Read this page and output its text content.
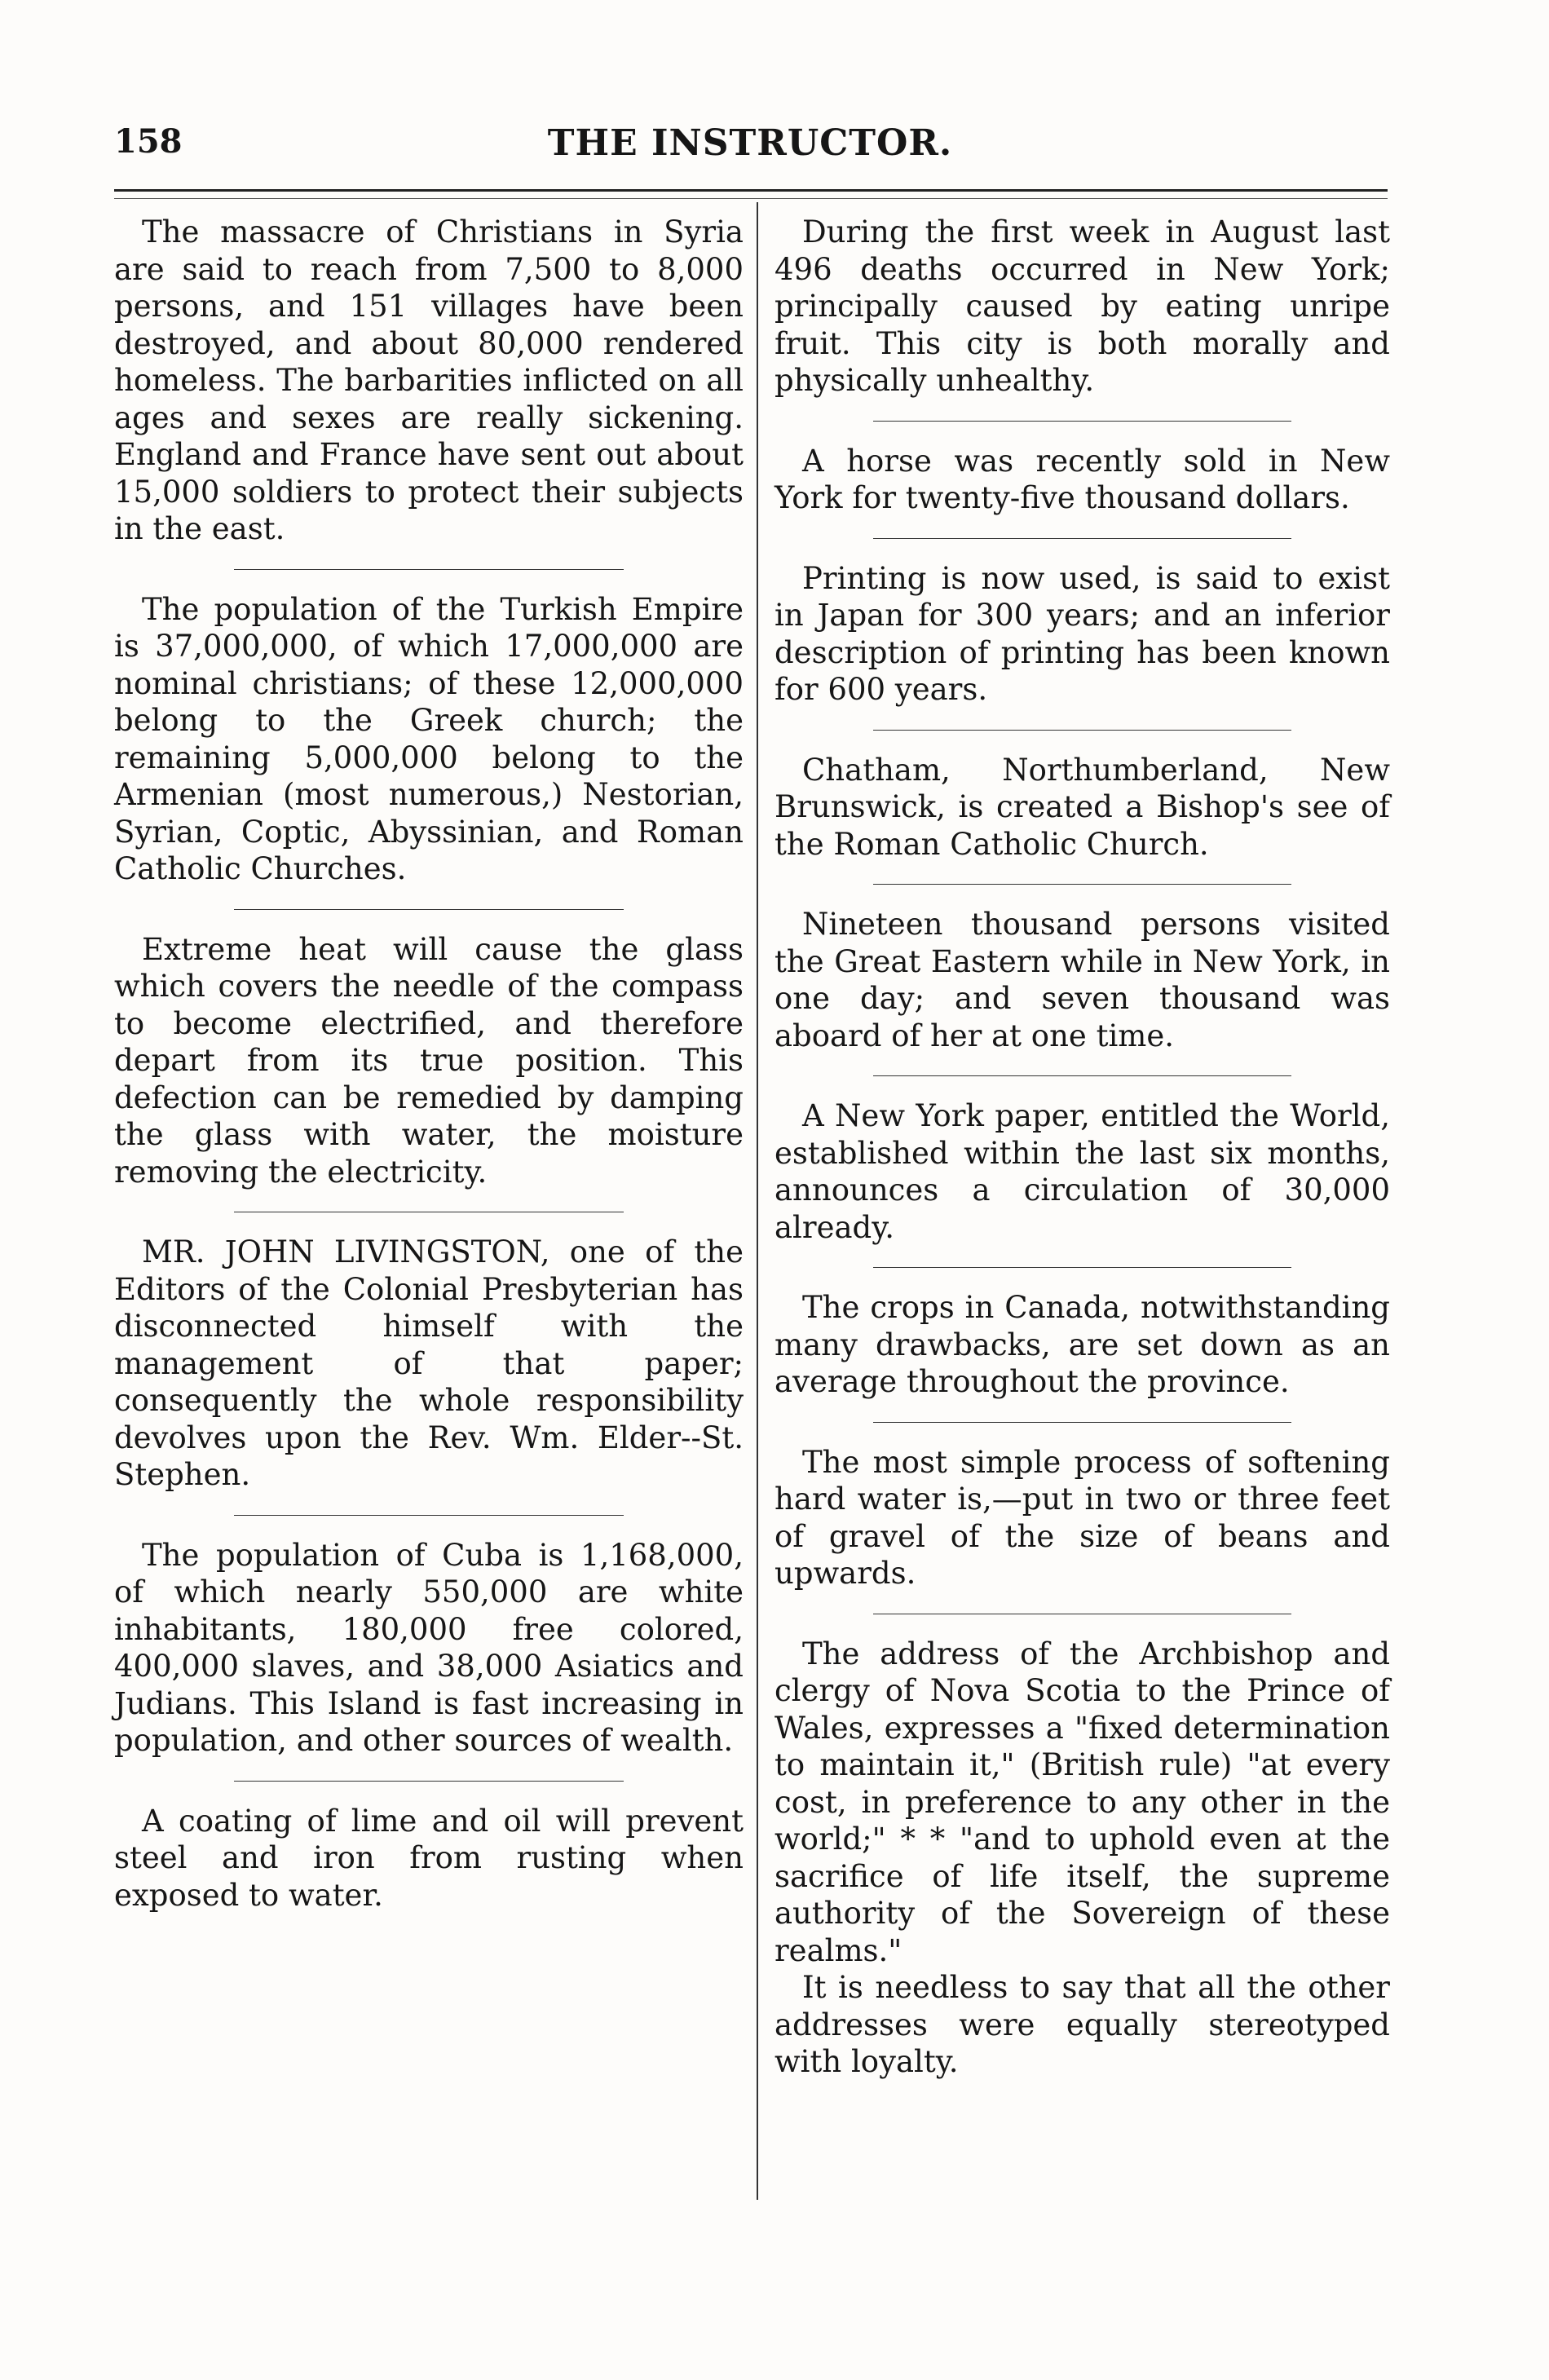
158	THE INSTRUCTOR.

The massacre of Christians in Syria are said to reach from 7,500 to 8,000 persons, and 151 villages have been destroyed, and about 80,000 rendered homeless. The barbarities inflicted on all ages and sexes are really sickening. England and France have sent out about 15,000 soldiers to protect their subjects in the east.

The population of the Turkish Empire is 37,000,000, of which 17,000,000 are nominal christians; of these 12,000,000 belong to the Greek church; the remaining 5,000,000 belong to the Armenian (most numerous,) Nestorian, Syrian, Coptic, Abyssinian, and Roman Catholic Churches.

Extreme heat will cause the glass which covers the needle of the compass to become electrified, and therefore depart from its true position. This defection can be remedied by damping the glass with water, the moisture removing the electricity.

MR. JOHN LIVINGSTON, one of the Editors of the Colonial Presbyterian has disconnected himself with the management of that paper; consequently the whole responsibility devolves upon the Rev. Wm. Elder--St. Stephen.

The population of Cuba is 1,168,000, of which nearly 550,000 are white inhabitants, 180,000 free colored, 400,000 slaves, and 38,000 Asiatics and Judians. This Island is fast increasing in population, and other sources of wealth.

A coating of lime and oil will prevent steel and iron from rusting when exposed to water.

During the first week in August last 496 deaths occurred in New York; principally caused by eating unripe fruit. This city is both morally and physically unhealthy.

A horse was recently sold in New York for twenty-five thousand dollars.

Printing is now used, is said to exist in Japan for 300 years; and an inferior description of printing has been known for 600 years.

Chatham, Northumberland, New Brunswick, is created a Bishop's see of the Roman Catholic Church.

Nineteen thousand persons visited the Great Eastern while in New York, in one day; and seven thousand was aboard of her at one time.

A New York paper, entitled the World, established within the last six months, announces a circulation of 30,000 already.

The crops in Canada, notwithstanding many drawbacks, are set down as an average throughout the province.

The most simple process of softening hard water is,—put in two or three feet of gravel of the size of beans and upwards.

The address of the Archbishop and clergy of Nova Scotia to the Prince of Wales, expresses a "fixed determination to maintain it," (British rule) "at every cost, in preference to any other in the world;" * * "and to uphold even at the sacrifice of life itself, the supreme authority of the Sovereign of these realms."

It is needless to say that all the other addresses were equally stereotyped with loyalty.
